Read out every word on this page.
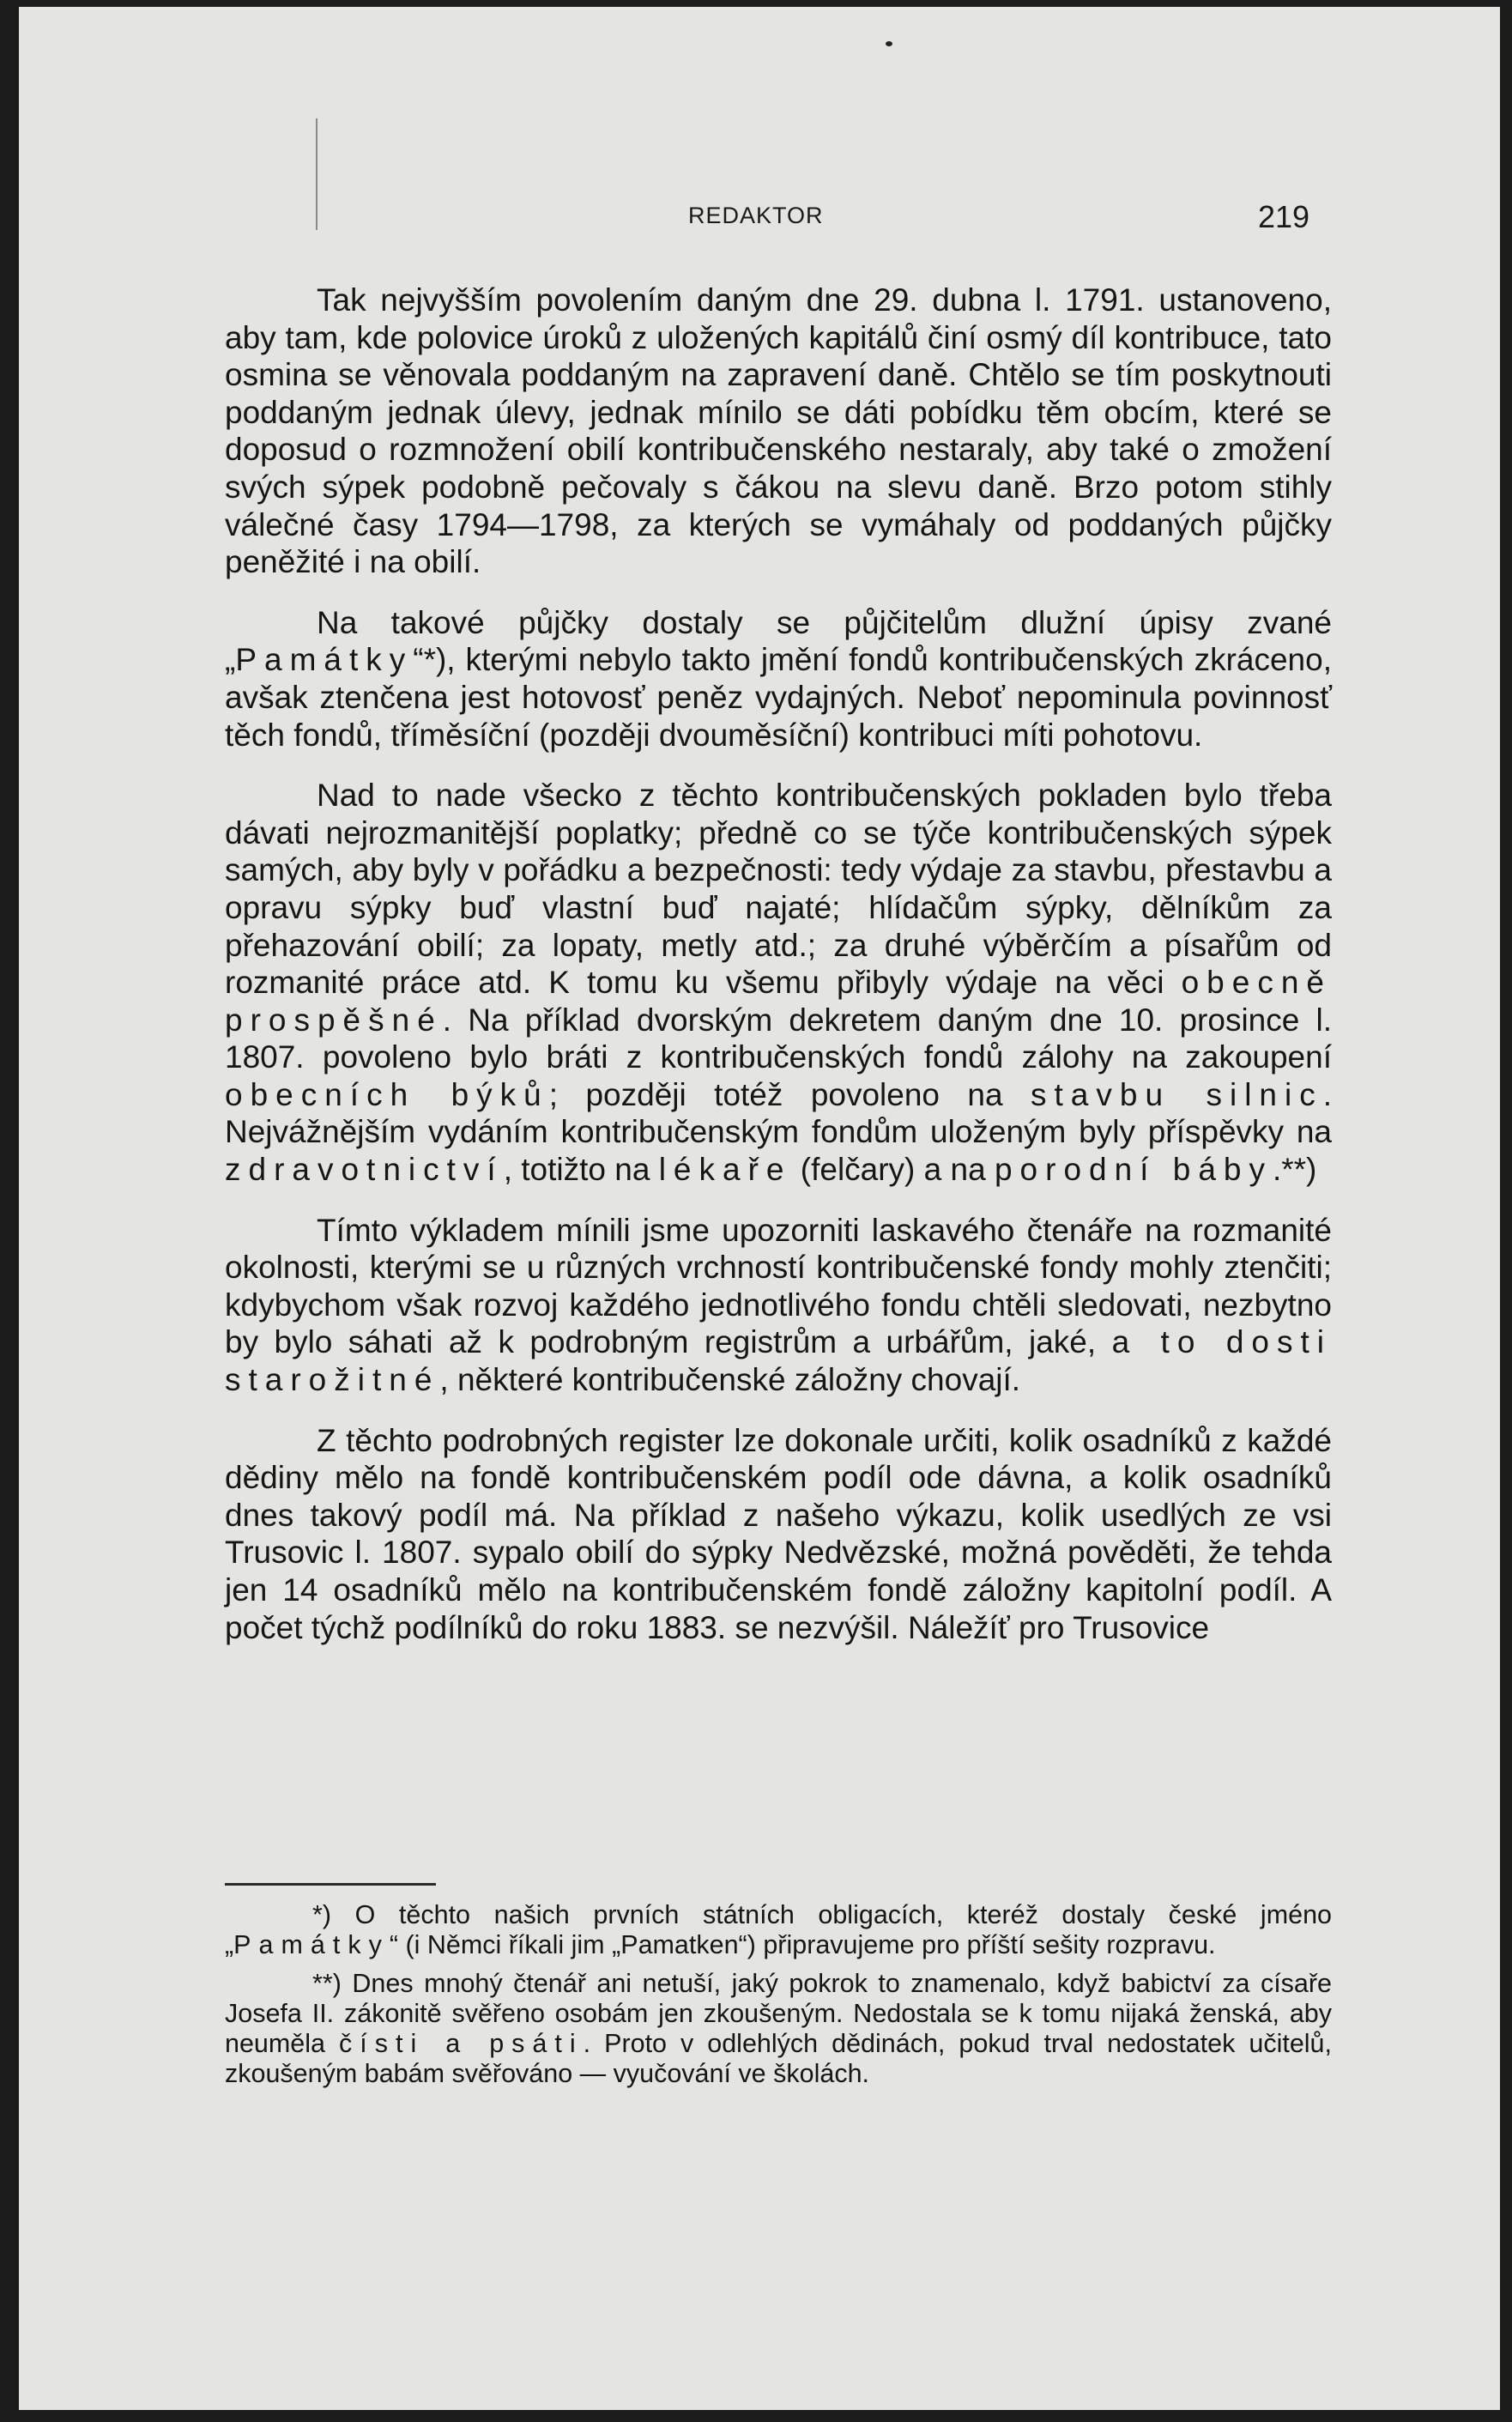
REDAKTOR	219

Tak nejvyšším povolením daným dne 29. dubna l. 1791. ustanoveno, aby tam, kde polovice úroků z uložených kapitálů činí osmý díl kontribuce, tato osmina se věnovala poddaným na zapravení daně. Chtělo se tím poskytnouti poddaným jednak úlevy, jednak mínilo se dáti pobídku těm obcím, které se doposud o rozmnožení obilí kontribučenského nestaraly, aby také o zmožení svých sýpek podobně pečovaly s čákou na slevu daně. Brzo potom stihly válečné časy 1794—1798, za kterých se vymáhaly od poddaných půjčky peněžité i na obilí.

Na takové půjčky dostaly se půjčitelům dlužní úpisy zvané „Památky“*), kterými nebylo takto jmění fondů kontribučenských zkráceno, avšak ztenčena jest hotovosť peněz vydajných. Neboť nepominula povinnosť těch fondů, tříměsíční (později dvouměsíční) kontribuci míti pohotovu.

Nad to nade všecko z těchto kontribučenských pokladen bylo třeba dávati nejrozmanitější poplatky; předně co se týče kontribučenských sýpek samých, aby byly v pořádku a bezpečnosti: tedy výdaje za stavbu, přestavbu a opravu sýpky buď vlastní buď najaté; hlídačům sýpky, dělníkům za přehazování obilí; za lopaty, metly atd.; za druhé výběrčím a písařům od rozmanité práce atd. K tomu ku všemu přibyly výdaje na věci obecně prospěšné. Na příklad dvorským dekretem daným dne 10. prosince l. 1807. povoleno bylo bráti z kontribučenských fondů zálohy na zakoupení obecních býků; později totéž povoleno na stavbu silnic. Nejvážnějším vydáním kontribučenským fondům uloženým byly příspěvky na zdravotnictví, totižto na lékaře (felčary) a na porodní báby.**)

Tímto výkladem mínili jsme upozorniti laskavého čtenáře na rozmanité okolnosti, kterými se u různých vrchností kontribučenské fondy mohly ztenčiti; kdybychom však rozvoj každého jednotlivého fondu chtěli sledovati, nezbytno by bylo sáhati až k podrobným registrům a urbářům, jaké, a to dosti starožitné, některé kontribučenské záložny chovají.

Z těchto podrobných register lze dokonale určiti, kolik osadníků z každé dědiny mělo na fondě kontribučenském podíl ode dávna, a kolik osadníků dnes takový podíl má. Na příklad z našeho výkazu, kolik usedlých ze vsi Trusovic l. 1807. sypalo obilí do sýpky Nedvězské, možná pověděti, že tehda jen 14 osadníků mělo na kontribučenském fondě záložny kapitolní podíl. A počet týchž podílníků do roku 1883. se nezvýšil. Náležíť pro Trusovice

*) O těchto našich prvních státních obligacích, kteréž dostaly české jméno „Památky“ (i Němci říkali jim „Pamatken“) připravujeme pro příští sešity rozpravu.

**) Dnes mnohý čtenář ani netuší, jaký pokrok to znamenalo, když babictví za císaře Josefa II. zákonitě svěřeno osobám jen zkoušeným. Nedostala se k tomu nijaká ženská, aby neuměla čísti a psáti. Proto v odlehlých dědinách, pokud trval nedostatek učitelů, zkoušeným babám svěřováno — vyučování ve školách.
